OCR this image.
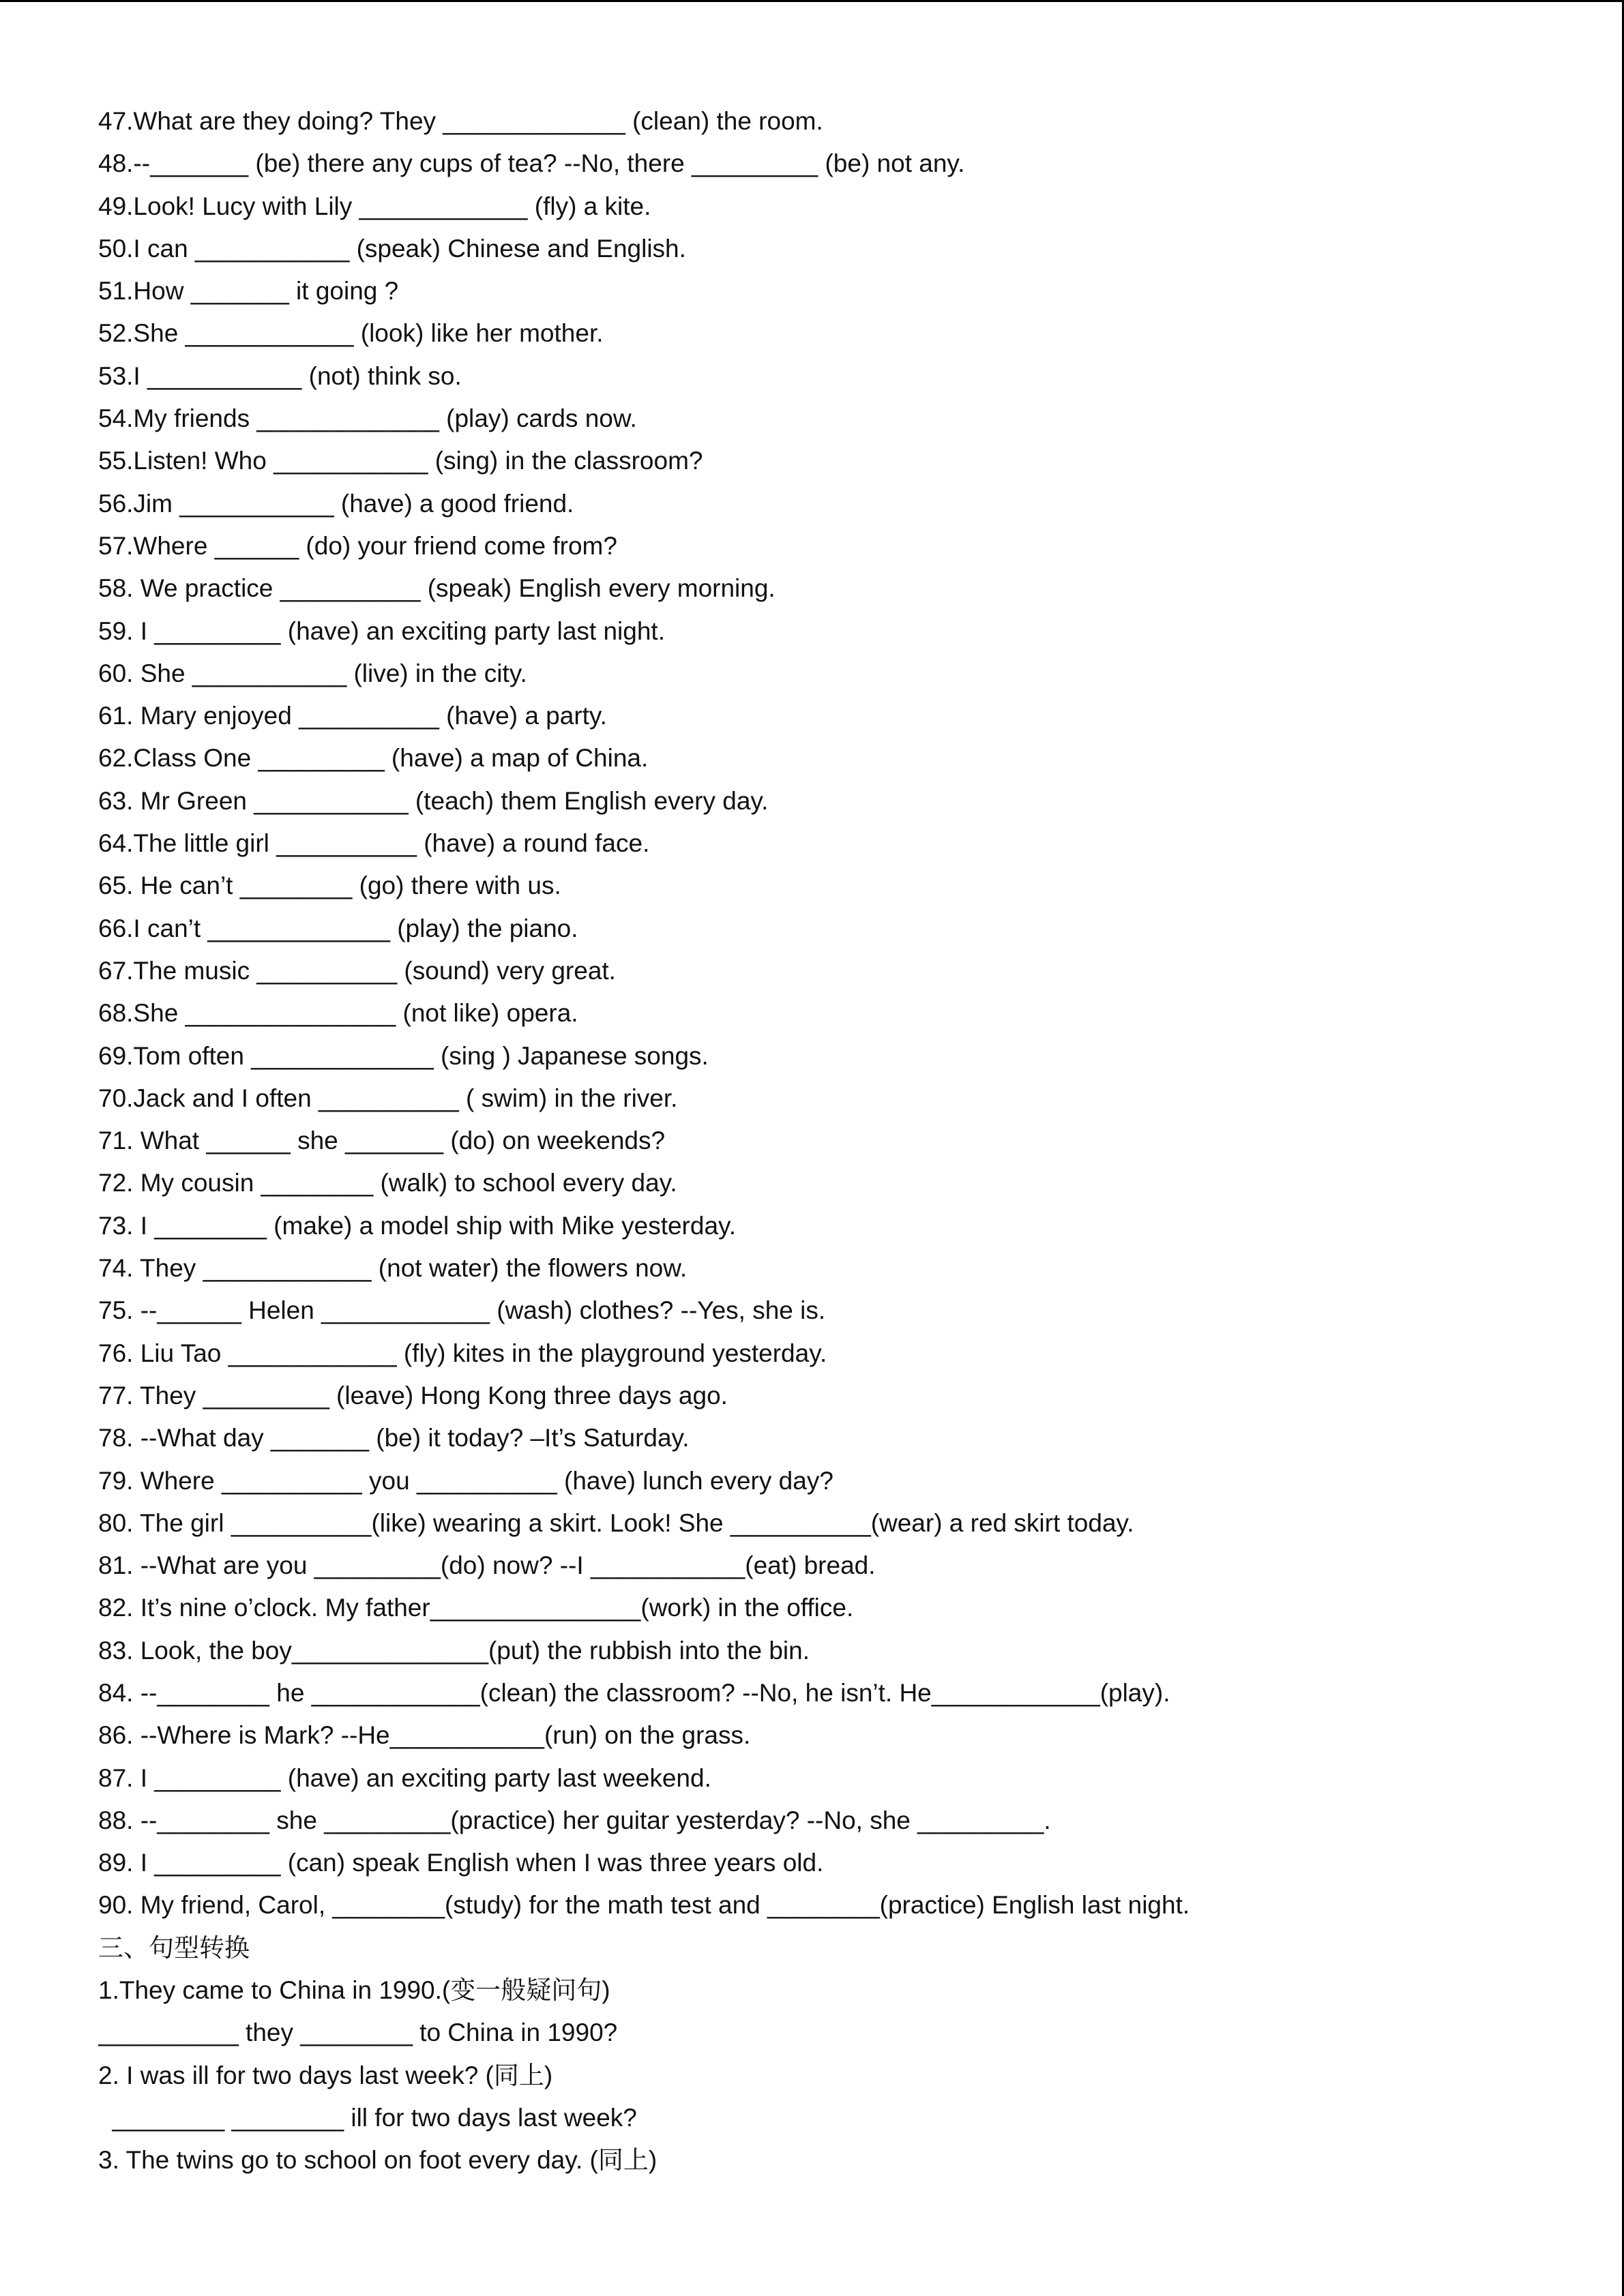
47.What are they doing? They _____________ (clean) the room.
48.--_______ (be) there any cups of tea? --No, there _________ (be) not any.
49.Look! Lucy with Lily ____________ (fly) a kite.
50.I can ___________ (speak) Chinese and English.
51.How _______ it going ?
52.She ____________ (look) like her mother.
53.I ___________ (not) think so.
54.My friends _____________ (play) cards now.
55.Listen! Who ___________ (sing) in the classroom?
56.Jim ___________ (have) a good friend.
57.Where ______ (do) your friend come from?
58. We practice __________ (speak) English every morning.
59. I _________ (have) an exciting party last night.
60. She ___________ (live) in the city.
61. Mary enjoyed __________ (have) a party.
62.Class One _________ (have) a map of China.
63. Mr Green ___________ (teach) them English every day.
64.The little girl __________ (have) a round face.
65. He can’t ________ (go) there with us.
66.I can’t _____________ (play) the piano.
67.The music __________ (sound) very great.
68.She _______________ (not like) opera.
69.Tom often _____________ (sing ) Japanese songs.
70.Jack and I often __________ ( swim) in the river.
71. What ______ she _______ (do) on weekends?
72. My cousin ________ (walk) to school every day.
73. I ________ (make) a model ship with Mike yesterday.
74. They ____________ (not water) the flowers now.
75. --______ Helen ____________ (wash) clothes? --Yes, she is.
76. Liu Tao ____________ (fly) kites in the playground yesterday.
77. They _________ (leave) Hong Kong three days ago.
78. --What day _______ (be) it today? –It’s Saturday.
79. Where __________ you __________ (have) lunch every day?
80. The girl __________(like) wearing a skirt. Look! She __________(wear) a red skirt today.
81. --What are you _________(do) now? --I ___________(eat) bread.
82. It’s nine o’clock. My father_______________(work) in the office.
83. Look, the boy______________(put) the rubbish into the bin.
84. --________ he ____________(clean) the classroom? --No, he isn’t. He____________(play).
86. --Where is Mark? --He___________(run) on the grass.
87. I _________ (have) an exciting party last weekend.
88. --________ she _________(practice) her guitar yesterday? --No, she _________.
89. I _________ (can) speak English when I was three years old.
90. My friend, Carol, ________(study) for the math test and ________(practice) English last night.
三、句型转换
1.They came to China in 1990.(变一般疑问句)
__________ they ________ to China in 1990?
2. I was ill for two days last week? (同上)
________ ________ ill for two days last week?
3. The twins go to school on foot every day. (同上)
